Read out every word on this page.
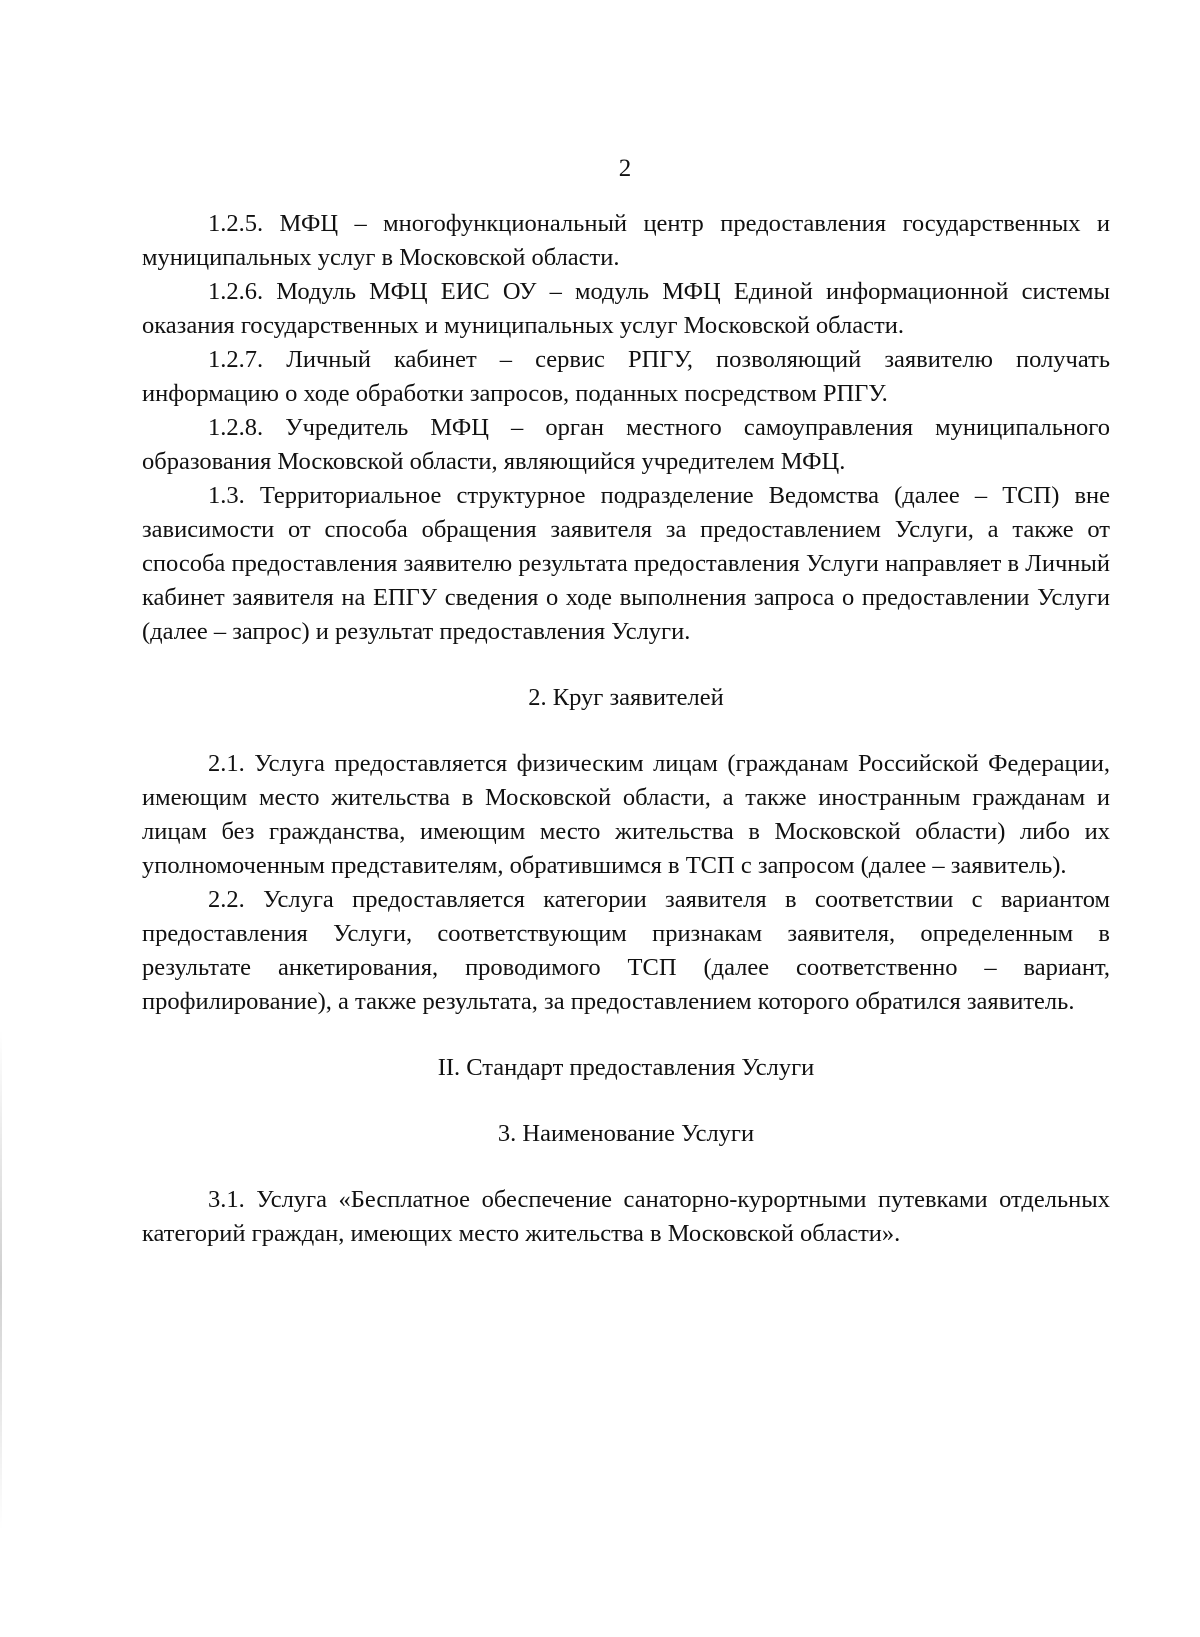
2

1.2.5. МФЦ – многофункциональный центр предоставления государственных и муниципальных услуг в Московской области.

1.2.6. Модуль МФЦ ЕИС ОУ – модуль МФЦ Единой информационной системы оказания государственных и муниципальных услуг Московской области.

1.2.7. Личный кабинет – сервис РПГУ, позволяющий заявителю получать информацию о ходе обработки запросов, поданных посредством РПГУ.

1.2.8. Учредитель МФЦ – орган местного самоуправления муниципального образования Московской области, являющийся учредителем МФЦ.

1.3. Территориальное структурное подразделение Ведомства (далее – ТСП) вне зависимости от способа обращения заявителя за предоставлением Услуги, а также от способа предоставления заявителю результата предоставления Услуги направляет в Личный кабинет заявителя на ЕПГУ сведения о ходе выполнения запроса о предоставлении Услуги (далее – запрос) и результат предоставления Услуги.

2. Круг заявителей

2.1. Услуга предоставляется физическим лицам (гражданам Российской Федерации, имеющим место жительства в Московской области, а также иностранным гражданам и лицам без гражданства, имеющим место жительства в Московской области) либо их уполномоченным представителям, обратившимся в ТСП с запросом (далее – заявитель).

2.2. Услуга предоставляется категории заявителя в соответствии с вариантом предоставления Услуги, соответствующим признакам заявителя, определенным в результате анкетирования, проводимого ТСП (далее соответственно – вариант, профилирование), а также результата, за предоставлением которого обратился заявитель.

II. Стандарт предоставления Услуги

3. Наименование Услуги

3.1. Услуга «Бесплатное обеспечение санаторно-курортными путевками отдельных категорий граждан, имеющих место жительства в Московской области».
